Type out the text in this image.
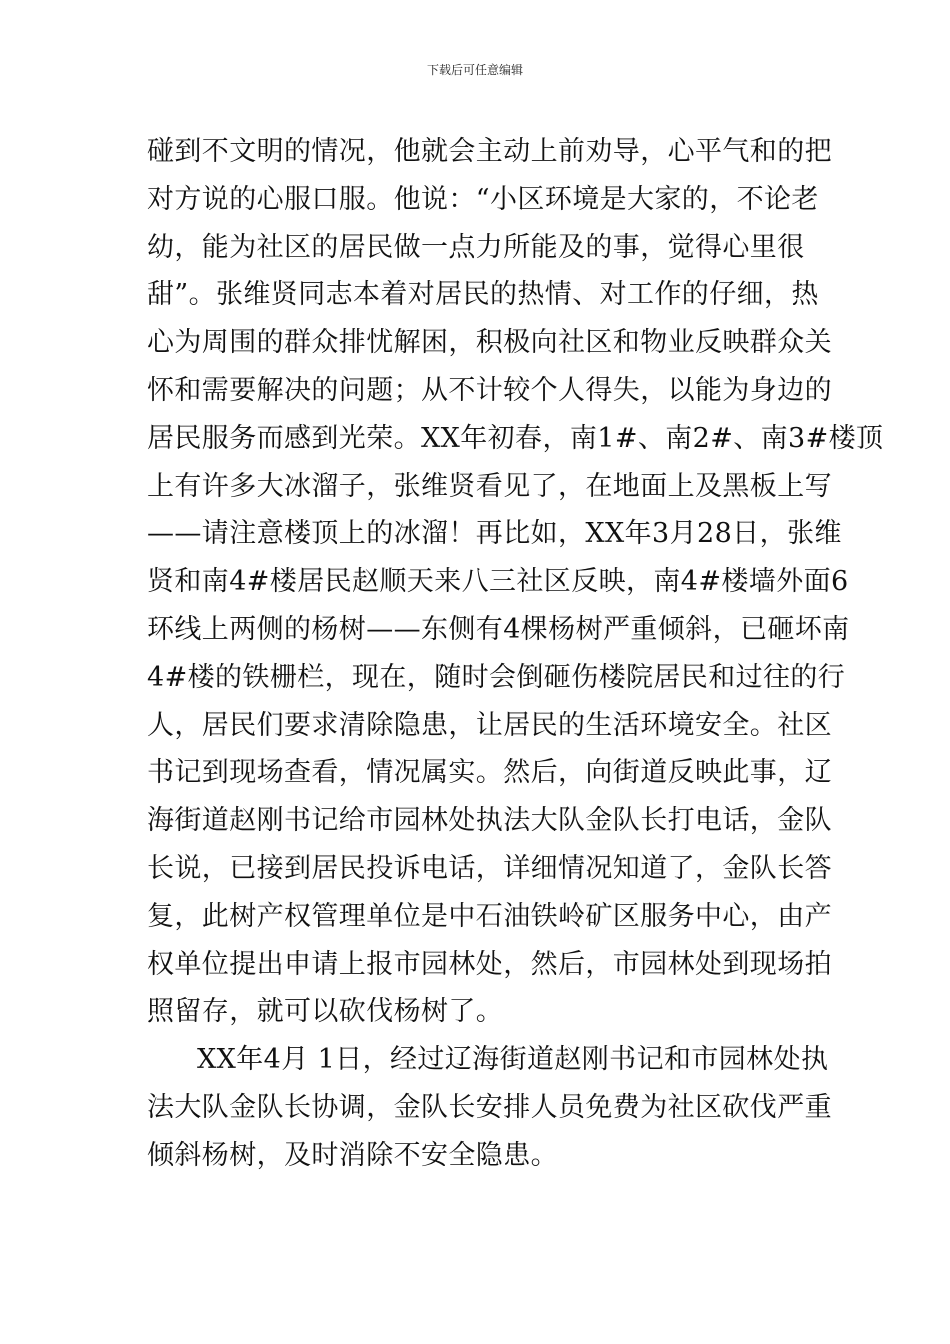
下载后可任意编辑
碰到不文明的情况，他就会主动上前劝导，心平气和的把
对方说的心服口服。他说：“小区环境是大家的，不论老
幼，能为社区的居民做一点力所能及的事，觉得心里很
甜”。张维贤同志本着对居民的热情、对工作的仔细，热
心为周围的群众排忧解困，积极向社区和物业反映群众关
怀和需要解决的问题；从不计较个人得失，以能为身边的
居民服务而感到光荣。XX年初春，南1#、南2#、南3#楼顶
上有许多大冰溜子，张维贤看见了，在地面上及黑板上写
——请注意楼顶上的冰溜！再比如，XX年3月28日，张维
贤和南4#楼居民赵顺天来八三社区反映，南4#楼墙外面6
环线上两侧的杨树——东侧有4棵杨树严重倾斜，已砸坏南
4#楼的铁栅栏，现在，随时会倒砸伤楼院居民和过往的行
人，居民们要求清除隐患，让居民的生活环境安全。社区
书记到现场查看，情况属实。然后，向街道反映此事，辽
海街道赵刚书记给市园林处执法大队金队长打电话，金队
长说，已接到居民投诉电话，详细情况知道了，金队长答
复，此树产权管理单位是中石油铁岭矿区服务中心，由产
权单位提出申请上报市园林处，然后，市园林处到现场拍
照留存，就可以砍伐杨树了。
XX年4月 1日，经过辽海街道赵刚书记和市园林处执
法大队金队长协调，金队长安排人员免费为社区砍伐严重
倾斜杨树，及时消除不安全隐患。
